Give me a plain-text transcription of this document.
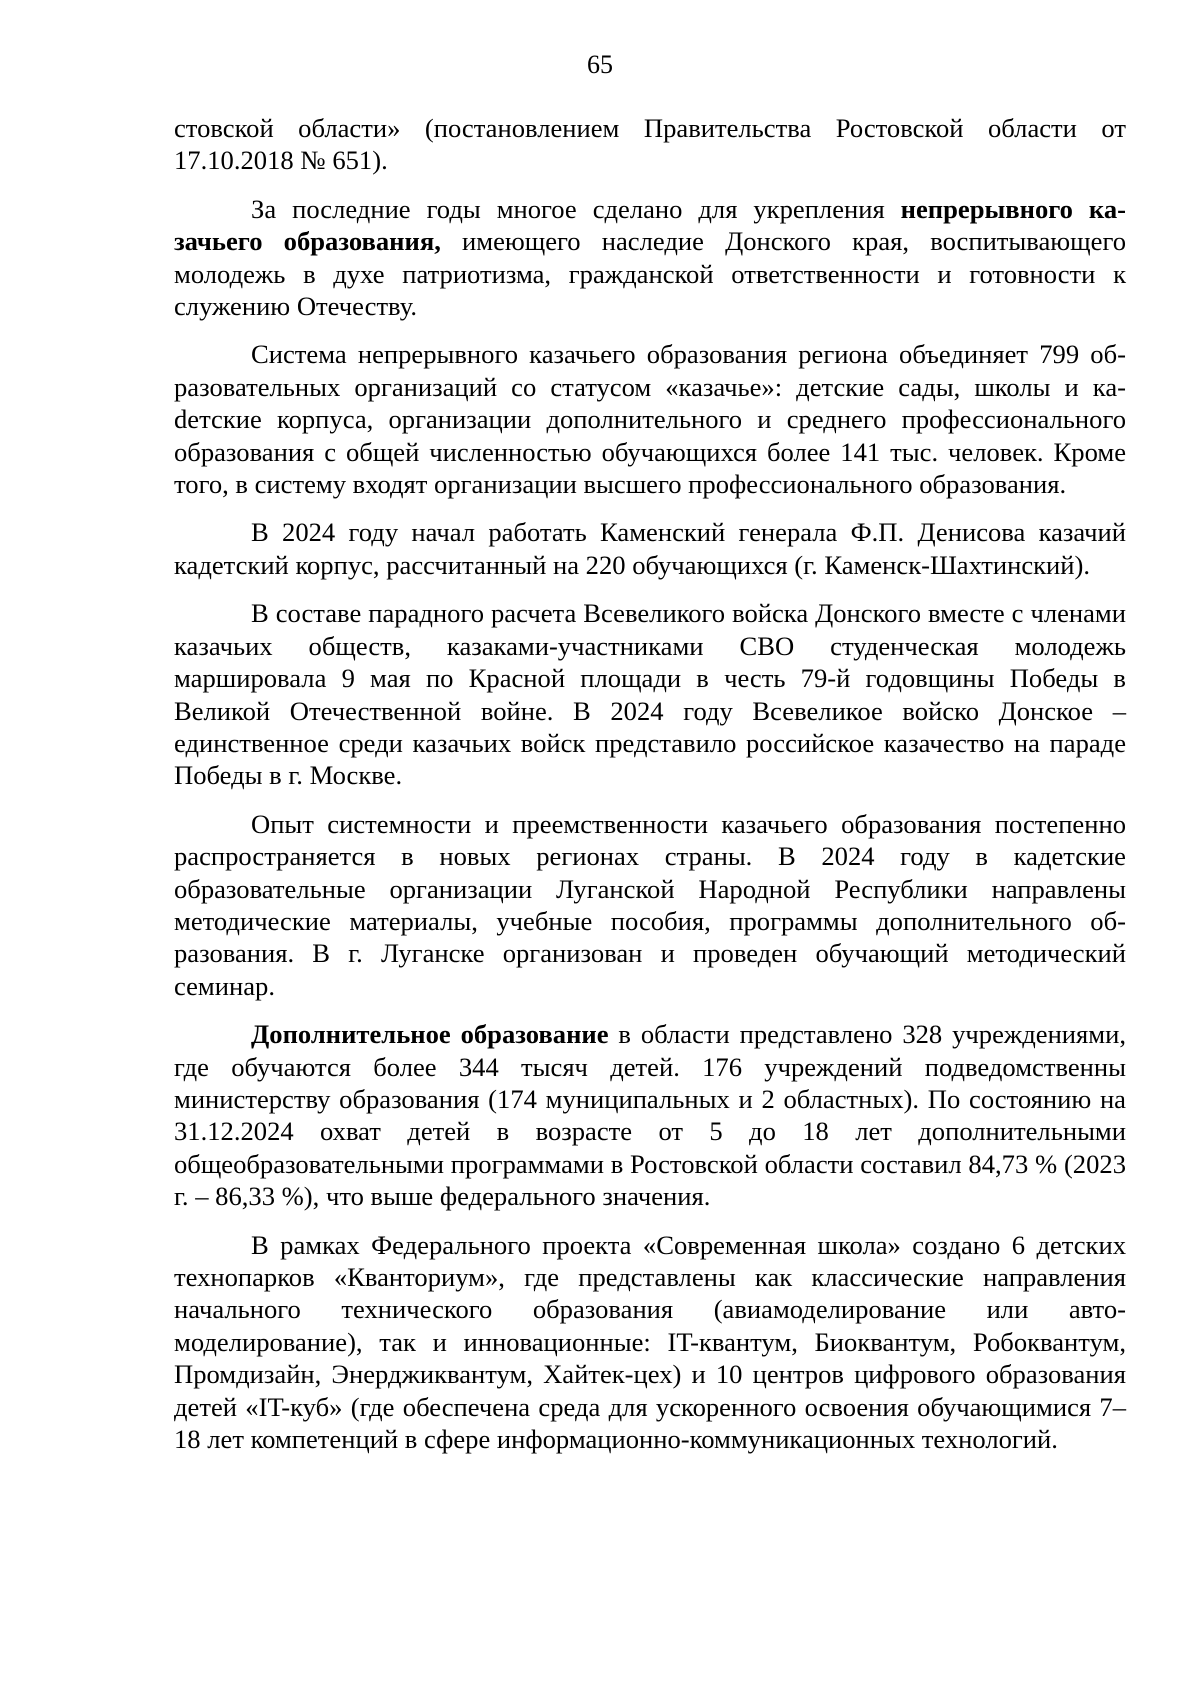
65

стовской области» (постановлением Правительства Ростовской области от 17.10.2018 № 651).

За последние годы многое сделано для укрепления непрерывного казачьего образования, имеющего наследие Донского края, воспитывающего молодежь в духе патриотизма, гражданской ответственности и готовности к служению Отечеству.

Система непрерывного казачьего образования региона объединяет 799 образовательных организаций со статусом «казачье»: детские сады, школы и каdетские корпуса, организации дополнительного и среднего профессионального образования с общей численностью обучающихся более 141 тыс. человек. Кроме того, в систему входят организации высшего профессионального образования.

В 2024 году начал работать Каменский генерала Ф.П. Денисова казачий кадетский корпус, рассчитанный на 220 обучающихся (г. Каменск-Шахтинский).

В составе парадного расчета Всевеликого войска Донского вместе с членами казачьих обществ, казаками-участниками СВО студенческая молодежь маршировала 9 мая по Красной площади в честь 79-й годовщины Победы в Великой Отечественной войне. В 2024 году Всевеликое войско Донское – единственное среди казачьих войск представило российское казачество на параде Победы в г. Москве.

Опыт системности и преемственности казачьего образования постепенно распространяется в новых регионах страны. В 2024 году в кадетские образовательные организации Луганской Народной Республики направлены методические материалы, учебные пособия, программы дополнительного образования. В г. Луганске организован и проведен обучающий методический семинар.

Дополнительное образование в области представлено 328 учреждениями, где обучаются более 344 тысяч детей. 176 учреждений подведомственны министерству образования (174 муниципальных и 2 областных). По состоянию на 31.12.2024 охват детей в возрасте от 5 до 18 лет дополнительными общеобразовательными программами в Ростовской области составил 84,73 % (2023 г. – 86,33 %), что выше федерального значения.

В рамках Федерального проекта «Современная школа» создано 6 детских технопарков «Кванториум», где представлены как классические направления начального технического образования (авиамоделирование или автомоделирование), так и инновационные: IT-квантум, Биоквантум, Робоквантум, Промдизайн, Энерджиквантум, Хайтек-цех) и 10 центров цифрового образования детей «IT-куб» (где обеспечена среда для ускоренного освоения обучающимися 7–18 лет компетенций в сфере информационно-коммуникационных технологий.
